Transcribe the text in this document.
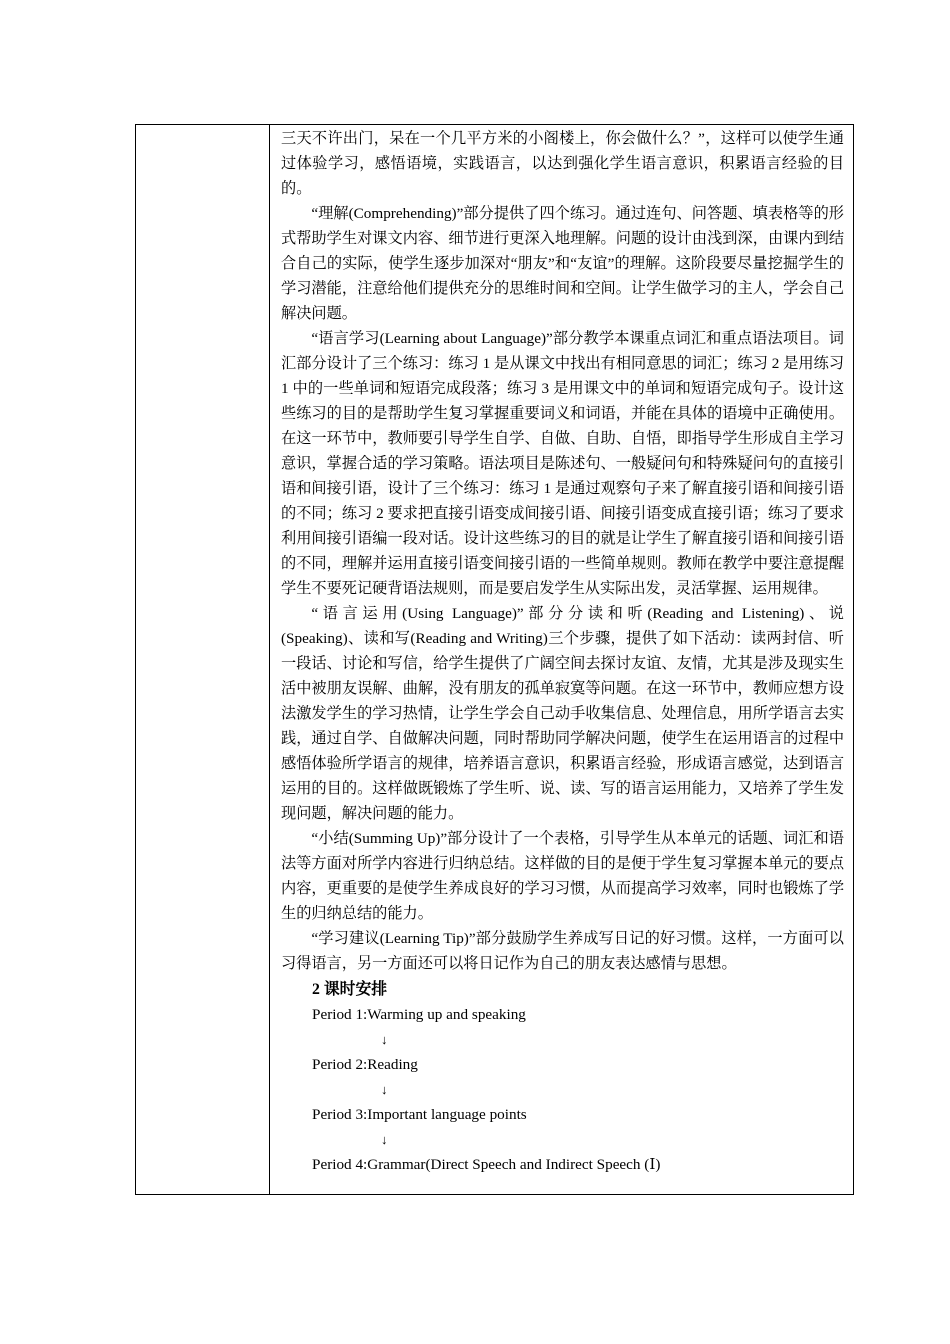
三天不许出门，呆在一个几平方米的小阁楼上，你会做什么？”，这样可以使学生通过体验学习，感悟语境，实践语言，以达到强化学生语言意识，积累语言经验的目的。

“理解(Comprehending)”部分提供了四个练习。通过连句、问答题、填表格等的形式帮助学生对课文内容、细节进行更深入地理解。问题的设计由浅到深，由课内到结合自己的实际，使学生逐步加深对“朋友”和“友谊”的理解。这阶段要尽量挖掘学生的学习潜能，注意给他们提供充分的思维时间和空间。让学生做学习的主人，学会自己解决问题。

“语言学习(Learning about Language)”部分教学本课重点词汇和重点语法项目。词汇部分设计了三个练习：练习 1 是从课文中找出有相同意思的词汇；练习 2 是用练习 1 中的一些单词和短语完成段落；练习 3 是用课文中的单词和短语完成句子。设计这些练习的目的是帮助学生复习掌握重要词义和词语，并能在具体的语境中正确使用。在这一环节中，教师要引导学生自学、自做、自助、自悟，即指导学生形成自主学习意识，掌握合适的学习策略。语法项目是陈述句、一般疑问句和特殊疑问句的直接引语和间接引语，设计了三个练习：练习 1 是通过观察句子来了解直接引语和间接引语的不同；练习 2 要求把直接引语变成间接引语、间接引语变成直接引语；练习了要求利用间接引语编一段对话。设计这些练习的目的就是让学生了解直接引语和间接引语的不同，理解并运用直接引语变间接引语的一些简单规则。教师在教学中要注意提醒学生不要死记硬背语法规则，而是要启发学生从实际出发，灵活掌握、运用规律。

“语言运用(Using Language)”部分分读和听(Reading and Listening)、说(Speaking)、读和写(Reading and Writing)三个步骤，提供了如下活动：读两封信、听一段话、讨论和写信，给学生提供了广阔空间去探讨友谊、友情，尤其是涉及现实生活中被朋友误解、曲解，没有朋友的孤单寂寞等问题。在这一环节中，教师应想方设法激发学生的学习热情，让学生学会自己动手收集信息、处理信息，用所学语言去实践，通过自学、自做解决问题，同时帮助同学解决问题，使学生在运用语言的过程中感悟体验所学语言的规律，培养语言意识，积累语言经验，形成语言感觉，达到语言运用的目的。这样做既锻炼了学生听、说、读、写的语言运用能力，又培养了学生发现问题，解决问题的能力。

“小结(Summing Up)”部分设计了一个表格，引导学生从本单元的话题、词汇和语法等方面对所学内容进行归纳总结。这样做的目的是便于学生复习掌握本单元的要点内容，更重要的是使学生养成良好的学习习惯，从而提高学习效率，同时也锻炼了学生的归纳总结的能力。

“学习建议(Learning Tip)”部分鼓励学生养成写日记的好习惯。这样，一方面可以习得语言，另一方面还可以将日记作为自己的朋友表达感情与思想。

2 课时安排

Period 1:Warming up and speaking

↓

Period 2:Reading

↓

Period 3:Important language points

↓

Period 4:Grammar(Direct Speech and Indirect Speech (Ⅰ)
